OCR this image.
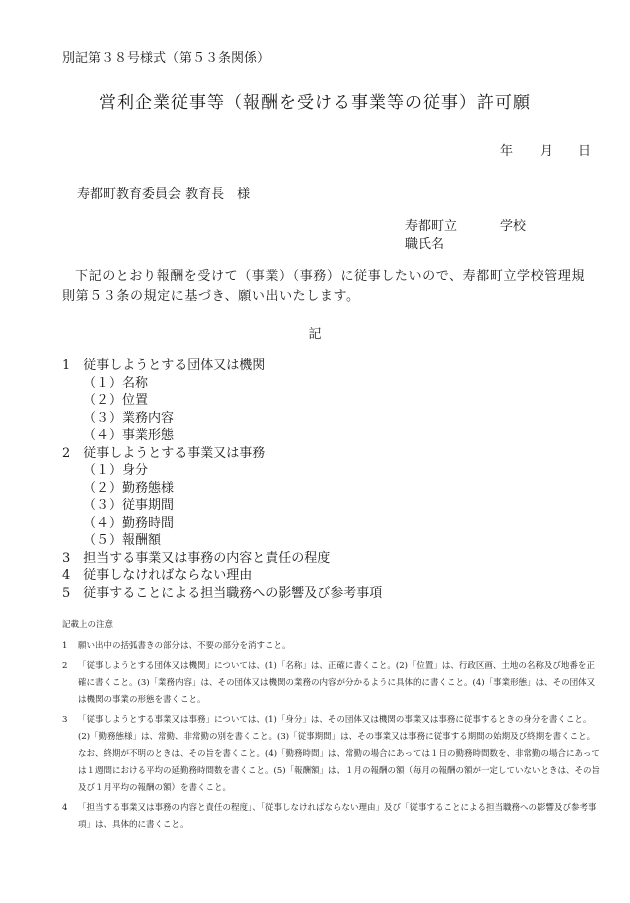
別記第３８号様式（第５３条関係）
営利企業従事等（報酬を受ける事業等の従事）許可願
年 月 日
寿都町教育委員会 教育長　様
寿都町立	学校
職氏名
下記のとおり報酬を受けて（事業）（事務）に従事したいので、寿都町立学校管理規則第５３条の規定に基づき、願い出いたします。
記
1　 従事しようとする団体又は機関
（１）名称
（２）位置
（３）業務内容
（４）事業形態
2　 従事しようとする事業又は事務
（１）身分
（２）勤務態様
（３）従事期間
（４）勤務時間
（５）報酬額
3　 担当する事業又は事務の内容と責任の程度
4　 従事しなければならない理由
5　 従事することによる担当職務への影響及び参考事項
記載上の注意
1	願い出中の括弧書きの部分は、不要の部分を消すこと。
2	「従事しようとする団体又は機関」については、(1)「名称」は、正確に書くこと。(2)「位置」は、行政区画、土地の名称及び地番を正確に書くこと。(3)「業務内容」は、その団体又は機関の業務の内容が分かるように具体的に書くこと。(4)「事業形態」は、その団体又は機関の事業の形態を書くこと。
3	「従事しようとする事業又は事務」については、(1)「身分」は、その団体又は機関の事業又は事務に従事するときの身分を書くこと。(2)「勤務態様」は、常勤、非常勤の別を書くこと。(3)「従事期間」は、その事業又は事務に従事する期間の始期及び終期を書くこと。なお、終期が不明のときは、その旨を書くこと。(4)「勤務時間」は、常勤の場合にあっては１日の勤務時間数を、非常勤の場合にあっては１週間における平均の延勤務時間数を書くこと。(5)「報酬額」は、１月の報酬の額（毎月の報酬の額が一定していないときは、その旨及び１月平均の報酬の額）を書くこと。
4	「担当する事業又は事務の内容と責任の程度」、「従事しなければならない理由」及び「従事することによる担当職務への影響及び参考事項」は、具体的に書くこと。
